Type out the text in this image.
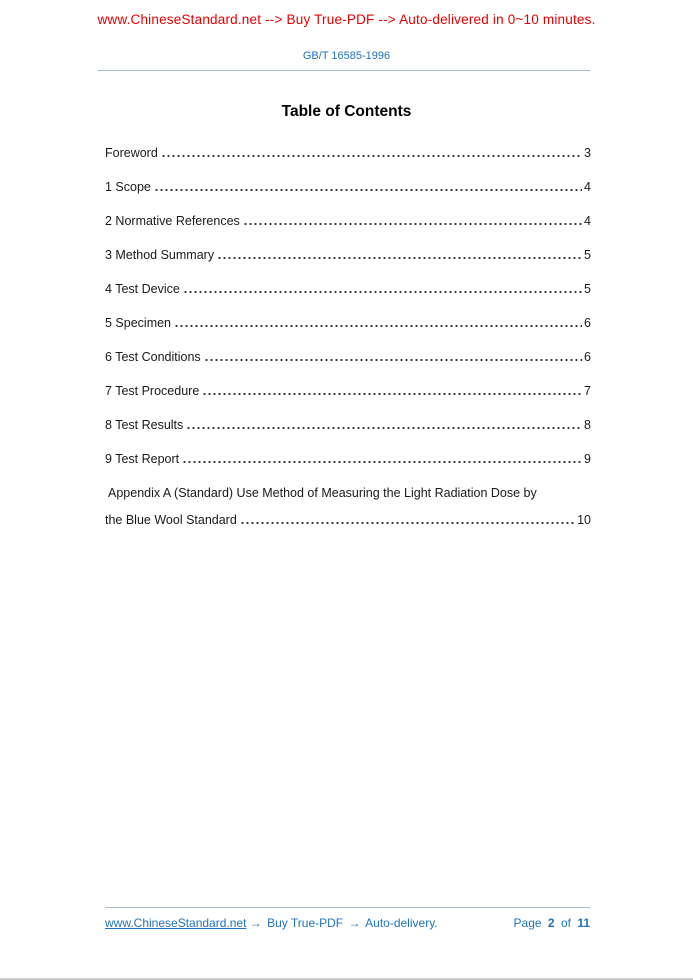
www.ChineseStandard.net --> Buy True-PDF --> Auto-delivered in 0~10 minutes.
GB/T 16585-1996
Table of Contents
Foreword	3
1 Scope	4
2 Normative References	4
3 Method Summary	5
4 Test Device	5
5 Specimen	6
6 Test Conditions	6
7 Test Procedure	7
8 Test Results	8
9 Test Report	9
Appendix A (Standard) Use Method of Measuring the Light Radiation Dose by
the Blue Wool Standard	10
www.ChineseStandard.net → Buy True-PDF → Auto-delivery.	Page 2 of 11
